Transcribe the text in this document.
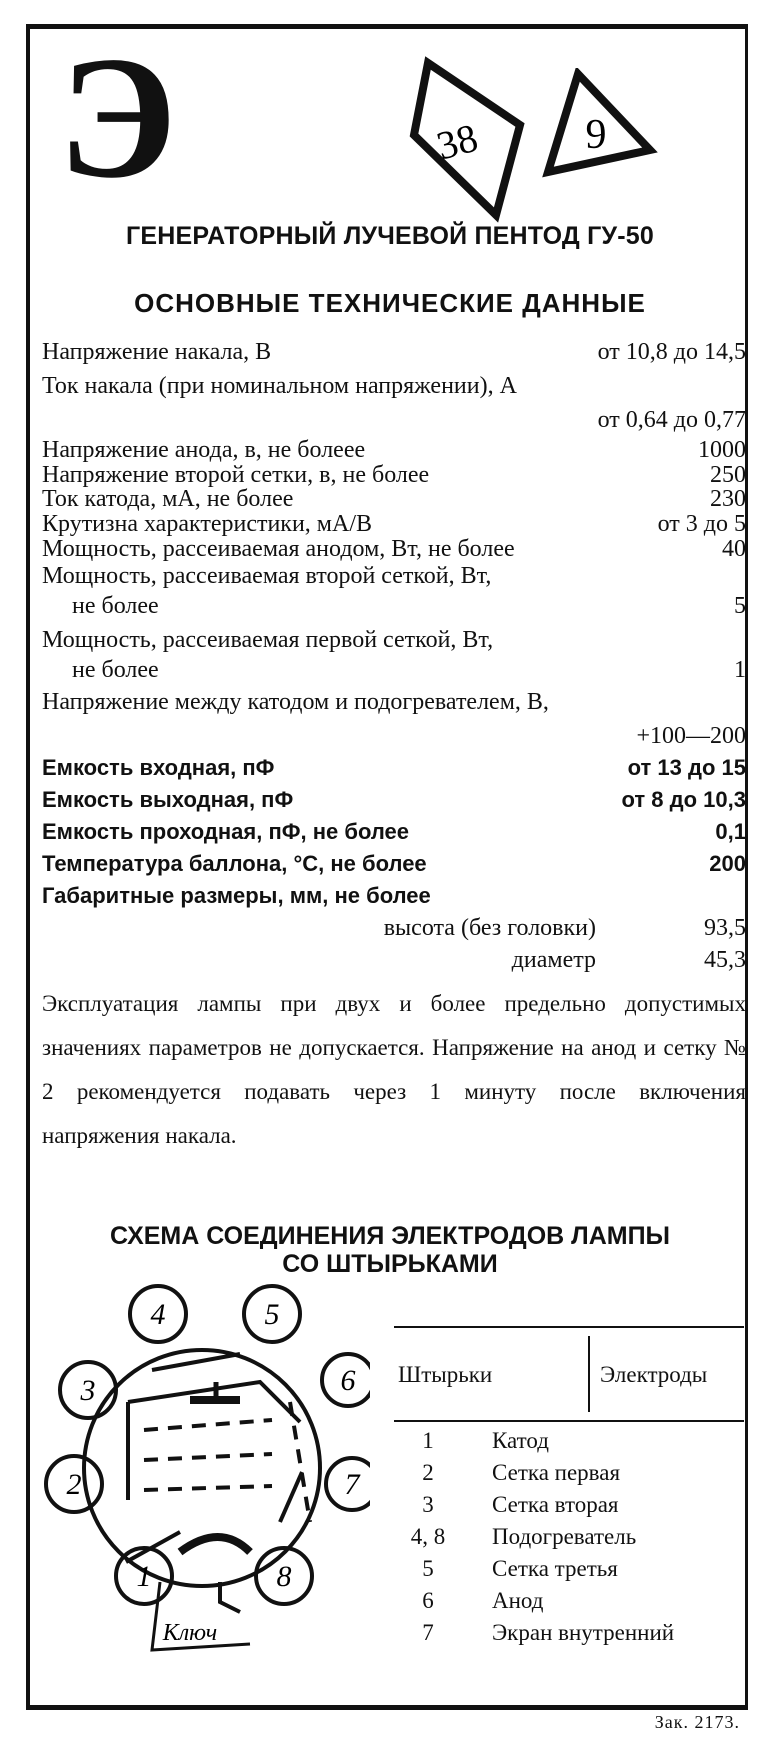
Э	38 9
ГЕНЕРАТОРНЫЙ ЛУЧЕВОЙ ПЕНТОД ГУ-50
ОСНОВНЫЕ ТЕХНИЧЕСКИЕ ДАННЫЕ
Напряжение накала, В	от 10,8 до 14,5
Ток накала (при номинальном напряжении), А
от 0,64 до 0,77
Напряжение анода, в, не болеее	1000
Напряжение второй сетки, в, не более	250
Ток катода, мА, не более	230
Крутизна характеристики, мА/В	от 3 до 5
Мощность, рассеиваемая анодом, Вт, не более	40
Мощность, рассеиваемая второй сеткой, Вт,
не более	5
Мощность, рассеиваемая первой сеткой, Вт,
не более	1
Напряжение между катодом и подогревателем, В,
+100—200
Емкость входная, пФ	от 13 до 15
Емкость выходная, пФ	от 8 до 10,3
Емкость проходная, пФ, не более	0,1
Температура баллона, °С, не более	200
Габаритные размеры, мм, не более
высота (без головки)	93,5
диаметр	45,3
Эксплуатация лампы при двух и более предельно допустимых значениях параметров не допускается. Напряжение на анод и сетку № 2 рекомендуется подавать через 1 минуту после включения напряжения накала.
СХЕМА СОЕДИНЕНИЯ ЭЛЕКТРОДОВ ЛАМПЫ
СО ШТЫРЬКАМИ
4	5
6
3
7
2
1	8
Ключ
Штырьки	Электроды
1	Катод
2	Сетка первая
3	Сетка вторая
4, 8	Подогреватель
5	Сетка третья
6	Анод
7	Экран внутренний
Зак. 2173.
